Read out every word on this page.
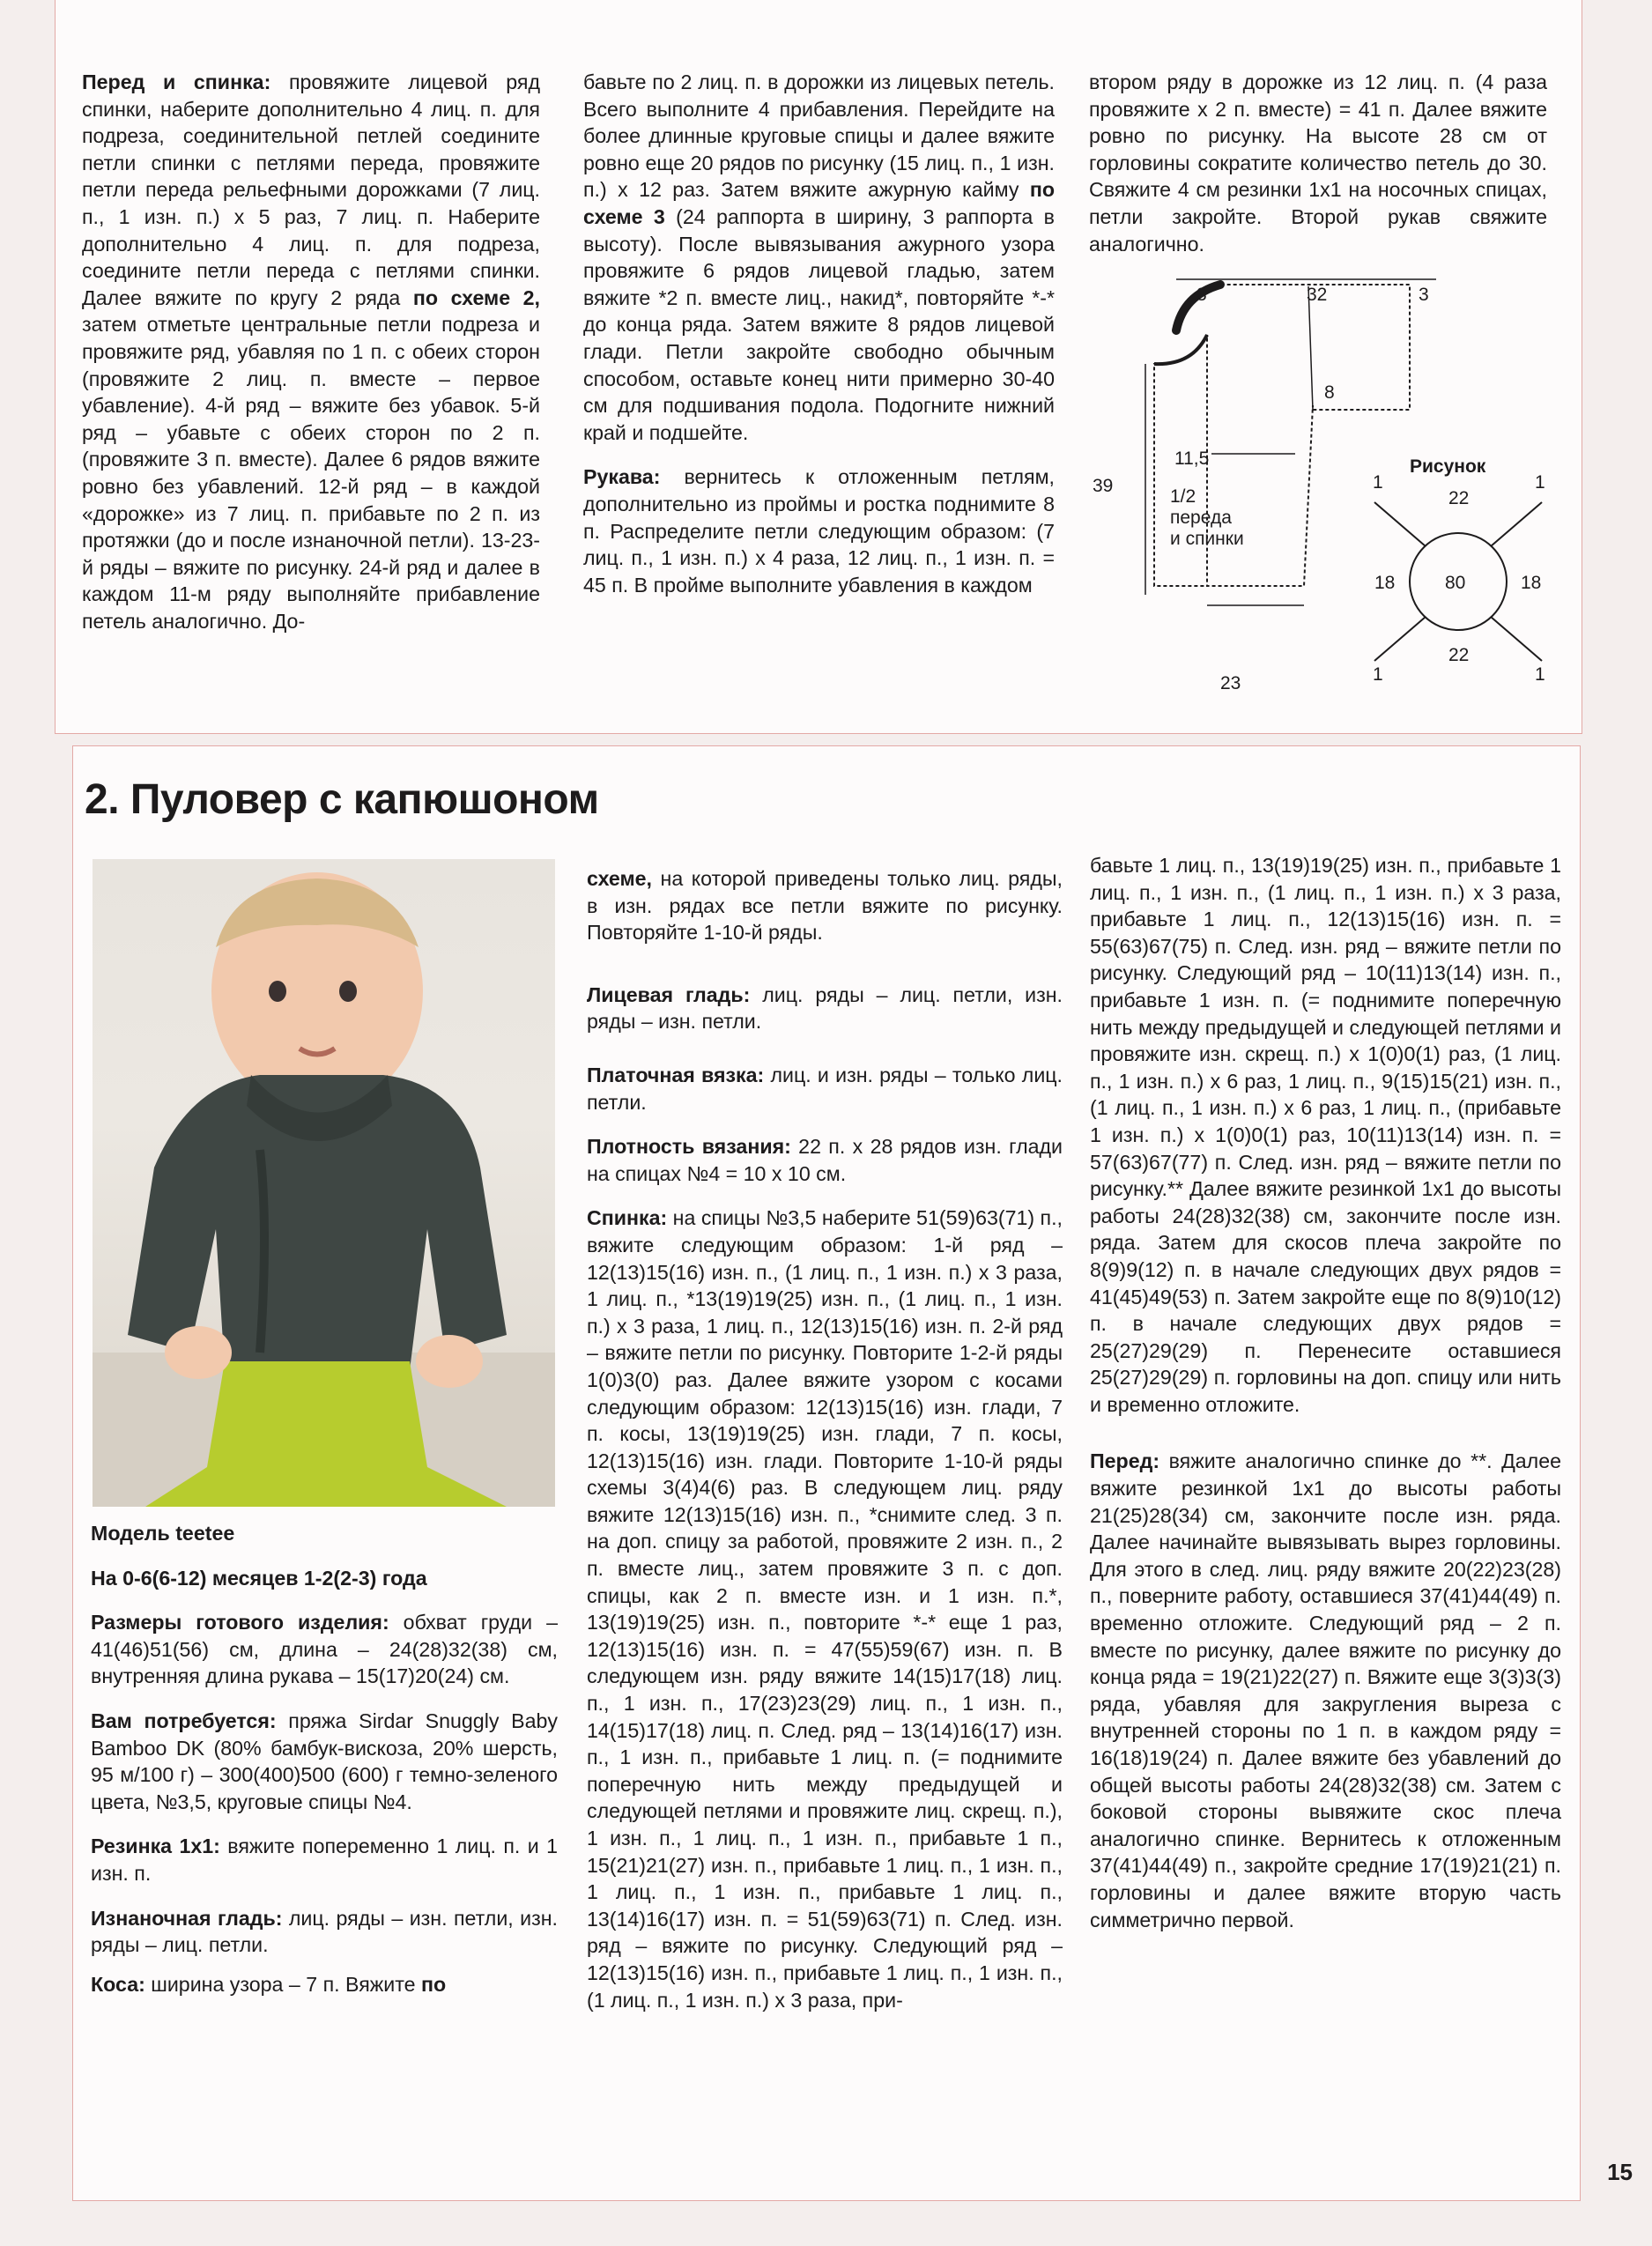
Перед и спинка: провяжите лицевой ряд спинки, наберите дополнительно 4 лиц. п. для подреза, соединительной петлей соедините петли спинки с петлями переда, провяжите петли переда рельефными дорожками (7 лиц. п., 1 изн. п.) х 5 раз, 7 лиц. п. Наберите дополнительно 4 лиц. п. для подреза, соедините петли переда с петлями спинки. Далее вяжите по кругу 2 ряда по схеме 2, затем отметьте центральные петли подреза и провяжите ряд, убавляя по 1 п. с обеих сторон (провяжите 2 лиц. п. вместе – первое убавление). 4-й ряд – вяжите без убавок. 5-й ряд – убавьте с обеих сторон по 2 п. (провяжите 3 п. вместе). Далее 6 рядов вяжите ровно без убавлений. 12-й ряд – в каждой «дорожке» из 7 лиц. п. прибавьте по 2 п. из протяжки (до и после изнаночной петли). 13-23-й ряды – вяжите по рисунку. 24-й ряд и далее в каждом 11-м ряду выполняйте прибавление петель аналогично. До-

бавьте по 2 лиц. п. в дорожки из лицевых петель. Всего выполните 4 прибавления. Перейдите на более длинные круговые спицы и далее вяжите ровно еще 20 рядов по рисунку (15 лиц. п., 1 изн. п.) х 12 раз. Затем вяжите ажурную кайму по схеме 3 (24 раппорта в ширину, 3 раппорта в высоту). После вывязывания ажурного узора провяжите 6 рядов лицевой гладью, затем вяжите *2 п. вместе лиц., накид*, повторяйте *-* до конца ряда. Затем вяжите 8 рядов лицевой глади. Петли закройте свободно обычным способом, оставьте конец нити примерно 30-40 см для подшивания подола. Подогните нижний край и подшейте.

Рукава: вернитесь к отложенным петлям, дополнительно из проймы и ростка поднимите 8 п. Распределите петли следующим образом: (7 лиц. п., 1 изн. п.) х 4 раза, 12 лиц. п., 1 изн. п. = 45 п. В пройме выполните убавления в каждом

втором ряду в дорожке из 12 лиц. п. (4 раза провяжите х 2 п. вместе) = 41 п. Далее вяжите ровно по рисунку. На высоте 28 см от горловины сократите количество петель до 30. Свяжите 4 см резинки 1х1 на носочных спицах, петли закройте. Второй рукав свяжите аналогично.

3	32	3
8
11,5
39
1/2
переда
и спинки
23
Рисунок
22
22
18	18
80
1	1
1	1
2. Пуловер с капюшоном

Модель teetee

На 0-6(6-12) месяцев 1-2(2-3) года

Размеры готового изделия: обхват груди – 41(46)51(56) см, длина – 24(28)32(38) см, внутренняя длина рукава – 15(17)20(24) см.

Вам потребуется: пряжа Sirdar Snuggly Baby Bamboo DK (80% бамбук-вискоза, 20% шерсть, 95 м/100 г) – 300(400)500 (600) г темно-зеленого цвета, №3,5, круговые спицы №4.

Резинка 1х1: вяжите попеременно 1 лиц. п. и 1 изн. п.

Изнаночная гладь: лиц. ряды – изн. петли, изн. ряды – лиц. петли.

Коса: ширина узора – 7 п. Вяжите по

схеме, на которой приведены только лиц. ряды, в изн. рядах все петли вяжите по рисунку. Повторяйте 1-10-й ряды.

Лицевая гладь: лиц. ряды – лиц. петли, изн. ряды – изн. петли.

Платочная вязка: лиц. и изн. ряды – только лиц. петли.

Плотность вязания: 22 п. х 28 рядов изн. глади на спицах №4 = 10 х 10 см.

Спинка: на спицы №3,5 наберите 51(59)63(71) п., вяжите следующим образом: 1-й ряд – 12(13)15(16) изн. п., (1 лиц. п., 1 изн. п.) х 3 раза, 1 лиц. п., *13(19)19(25) изн. п., (1 лиц. п., 1 изн. п.) х 3 раза, 1 лиц. п., 12(13)15(16) изн. п. 2-й ряд – вяжите петли по рисунку. Повторите 1-2-й ряды 1(0)3(0) раз. Далее вяжите узором с косами следующим образом: 12(13)15(16) изн. глади, 7 п. косы, 13(19)19(25) изн. глади, 7 п. косы, 12(13)15(16) изн. глади. Повторите 1-10-й ряды схемы 3(4)4(6) раз. В следующем лиц. ряду вяжите 12(13)15(16) изн. п., *снимите след. 3 п. на доп. спицу за работой, провяжите 2 изн. п., 2 п. вместе лиц., затем провяжите 3 п. с доп. спицы, как 2 п. вместе изн. и 1 изн. п.*, 13(19)19(25) изн. п., повторите *-* еще 1 раз, 12(13)15(16) изн. п. = 47(55)59(67) изн. п. В следующем изн. ряду вяжите 14(15)17(18) лиц. п., 1 изн. п., 17(23)23(29) лиц. п., 1 изн. п., 14(15)17(18) лиц. п. След. ряд – 13(14)16(17) изн. п., 1 изн. п., прибавьте 1 лиц. п. (= поднимите поперечную нить между предыдущей и следующей петлями и провяжите лиц. скрещ. п.), 1 изн. п., 1 лиц. п., 1 изн. п., прибавьте 1 п., 15(21)21(27) изн. п., прибавьте 1 лиц. п., 1 изн. п., 1 лиц. п., 1 изн. п., прибавьте 1 лиц. п., 13(14)16(17) изн. п. = 51(59)63(71) п. След. изн. ряд – вяжите по рисунку. Следующий ряд – 12(13)15(16) изн. п., прибавьте 1 лиц. п., 1 изн. п., (1 лиц. п., 1 изн. п.) х 3 раза, при-

бавьте 1 лиц. п., 13(19)19(25) изн. п., прибавьте 1 лиц. п., 1 изн. п., (1 лиц. п., 1 изн. п.) х 3 раза, прибавьте 1 лиц. п., 12(13)15(16) изн. п. = 55(63)67(75) п. След. изн. ряд – вяжите петли по рисунку. Следующий ряд – 10(11)13(14) изн. п., прибавьте 1 изн. п. (= поднимите поперечную нить между предыдущей и следующей петлями и провяжите изн. скрещ. п.) х 1(0)0(1) раз, (1 лиц. п., 1 изн. п.) х 6 раз, 1 лиц. п., 9(15)15(21) изн. п., (1 лиц. п., 1 изн. п.) х 6 раз, 1 лиц. п., (прибавьте 1 изн. п.) х 1(0)0(1) раз, 10(11)13(14) изн. п. = 57(63)67(77) п. След. изн. ряд – вяжите петли по рисунку.** Далее вяжите резинкой 1х1 до высоты работы 24(28)32(38) см, закончите после изн. ряда. Затем для скосов плеча закройте по 8(9)9(12) п. в начале следующих двух рядов = 41(45)49(53) п. Затем закройте еще по 8(9)10(12) п. в начале следующих двух рядов = 25(27)29(29) п. Перенесите оставшиеся 25(27)29(29) п. горловины на доп. спицу или нить и временно отложите.

Перед: вяжите аналогично спинке до **. Далее вяжите резинкой 1х1 до высоты работы 21(25)28(34) см, закончите после изн. ряда. Далее начинайте вывязывать вырез горловины. Для этого в след. лиц. ряду вяжите 20(22)23(28) п., поверните работу, оставшиеся 37(41)44(49) п. временно отложите. Следующий ряд – 2 п. вместе по рисунку, далее вяжите по рисунку до конца ряда = 19(21)22(27) п. Вяжите еще 3(3)3(3) ряда, убавляя для закругления выреза с внутренней стороны по 1 п. в каждом ряду = 16(18)19(24) п. Далее вяжите без убавлений до общей высоты работы 24(28)32(38) см. Затем с боковой стороны вывяжите скос плеча аналогично спинке. Вернитесь к отложенным 37(41)44(49) п., закройте средние 17(19)21(21) п. горловины и далее вяжите вторую часть симметрично первой.

15
